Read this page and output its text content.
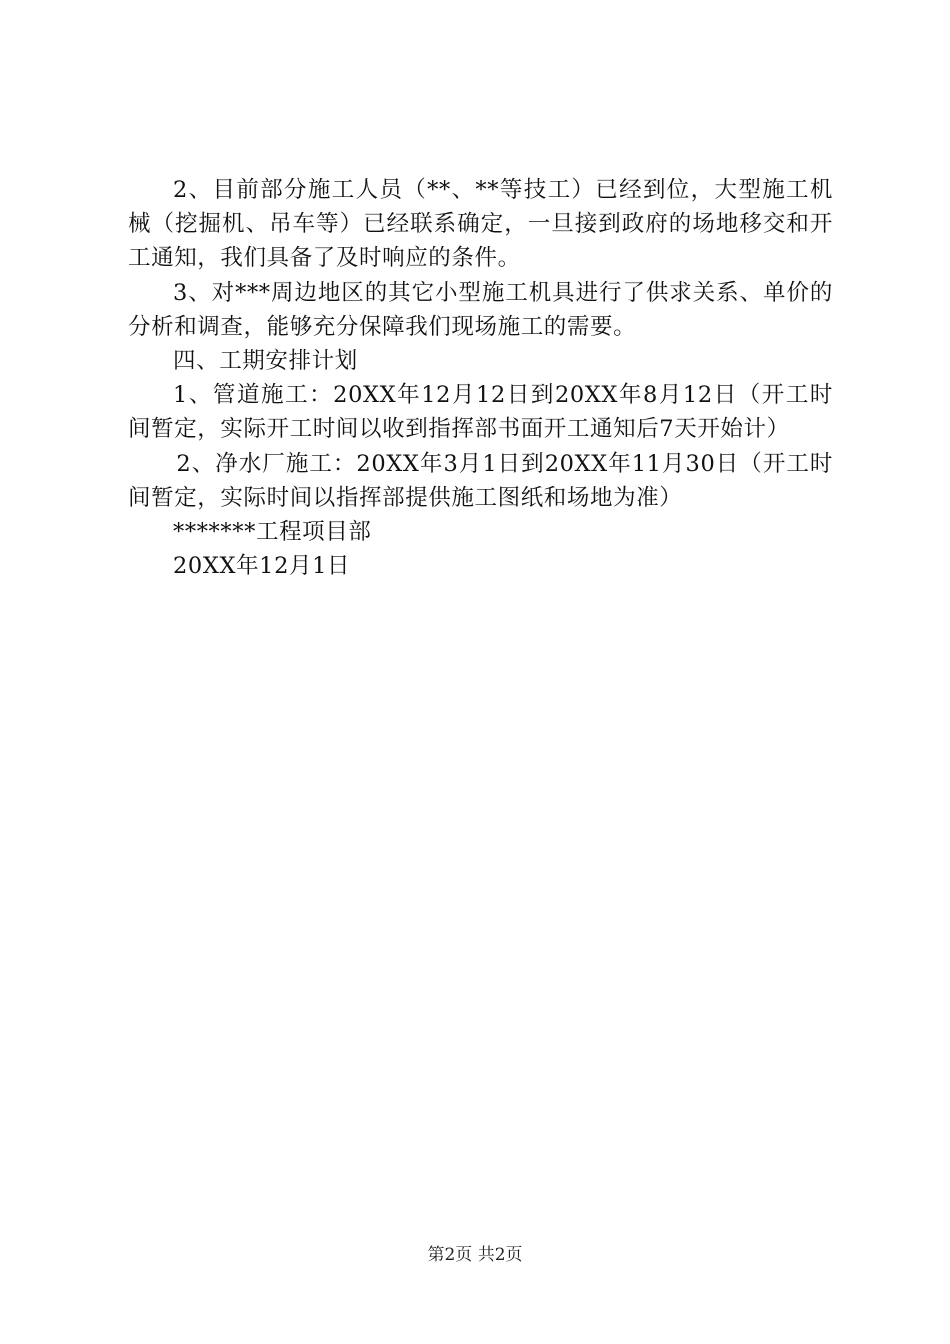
2、目前部分施工人员（**、**等技工）已经到位，大型施工机械（挖掘机、吊车等）已经联系确定，一旦接到政府的场地移交和开工通知，我们具备了及时响应的条件。

3、对***周边地区的其它小型施工机具进行了供求关系、单价的分析和调查，能够充分保障我们现场施工的需要。

四、工期安排计划

1、管道施工：20XX年12月12日到20XX年8月12日（开工时间暂定，实际开工时间以收到指挥部书面开工通知后7天开始计）

2、净水厂施工：20XX年3月1日到20XX年11月30日（开工时间暂定，实际时间以指挥部提供施工图纸和场地为准）

*******工程项目部

20XX年12月1日

第2页 共2页
